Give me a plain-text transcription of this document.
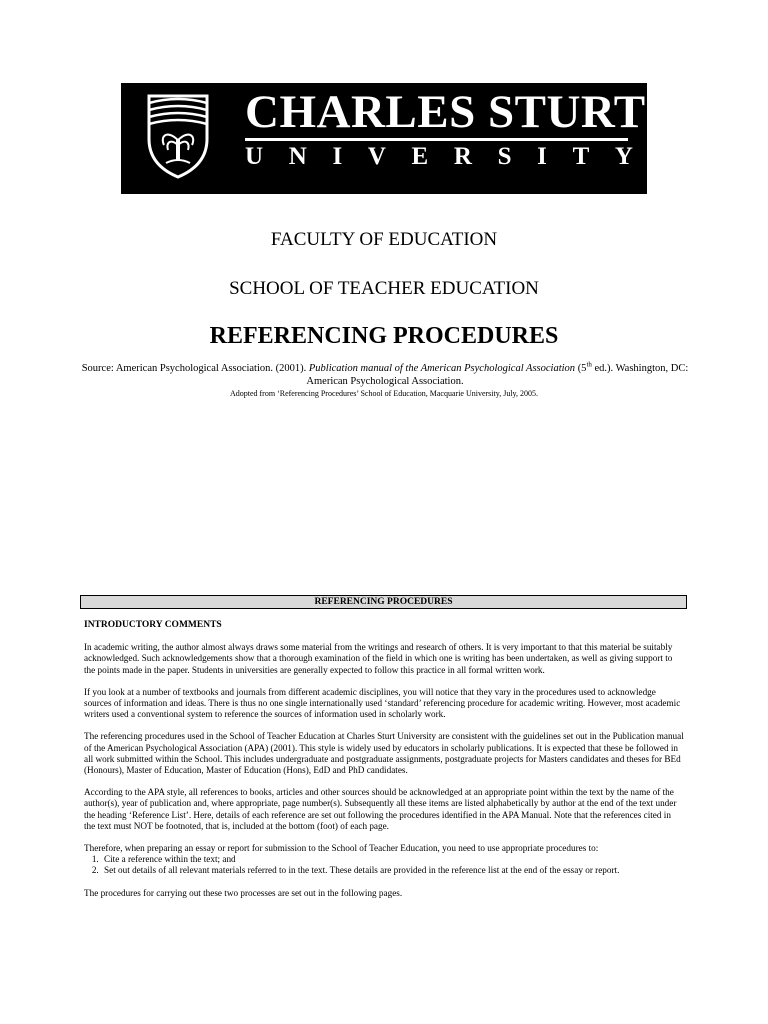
CHARLES STURT
U N I V E R S I T Y
FACULTY OF EDUCATION
SCHOOL OF TEACHER EDUCATION
REFERENCING PROCEDURES
Source: American Psychological Association. (2001). Publication manual of the American Psychological Association (5th ed.). Washington, DC: American Psychological Association.
Adopted from ‘Referencing Procedures’ School of Education, Macquarie University, July, 2005.
REFERENCING PROCEDURES
INTRODUCTORY COMMENTS

In academic writing, the author almost always draws some material from the writings and research of others. It is very important to that this material be suitably acknowledged. Such acknowledgements show that a thorough examination of the field in which one is writing has been undertaken, as well as giving support to the points made in the paper. Students in universities are generally expected to follow this practice in all formal written work.

If you look at a number of textbooks and journals from different academic disciplines, you will notice that they vary in the procedures used to acknowledge sources of information and ideas. There is thus no one single internationally used ‘standard’ referencing procedure for academic writing. However, most academic writers used a conventional system to reference the sources of information used in scholarly work.

The referencing procedures used in the School of Teacher Education at Charles Sturt University are consistent with the guidelines set out in the Publication manual of the American Psychological Association (APA) (2001). This style is widely used by educators in scholarly publications. It is expected that these be followed in all work submitted within the School. This includes undergraduate and postgraduate assignments, postgraduate projects for Masters candidates and theses for BEd (Honours), Master of Education, Master of Education (Hons), EdD and PhD candidates.

According to the APA style, all references to books, articles and other sources should be acknowledged at an appropriate point within the text by the name of the author(s), year of publication and, where appropriate, page number(s). Subsequently all these items are listed alphabetically by author at the end of the text under the heading ‘Reference List’. Here, details of each reference are set out following the procedures identified in the APA Manual. Note that the references cited in the text must NOT be footnoted, that is, included at the bottom (foot) of each page.

Therefore, when preparing an essay or report for submission to the School of Teacher Education, you need to use appropriate procedures to:

1. Cite a reference within the text; and
2. Set out details of all relevant materials referred to in the text. These details are provided in the reference list at the end of the essay or report.

The procedures for carrying out these two processes are set out in the following pages.
